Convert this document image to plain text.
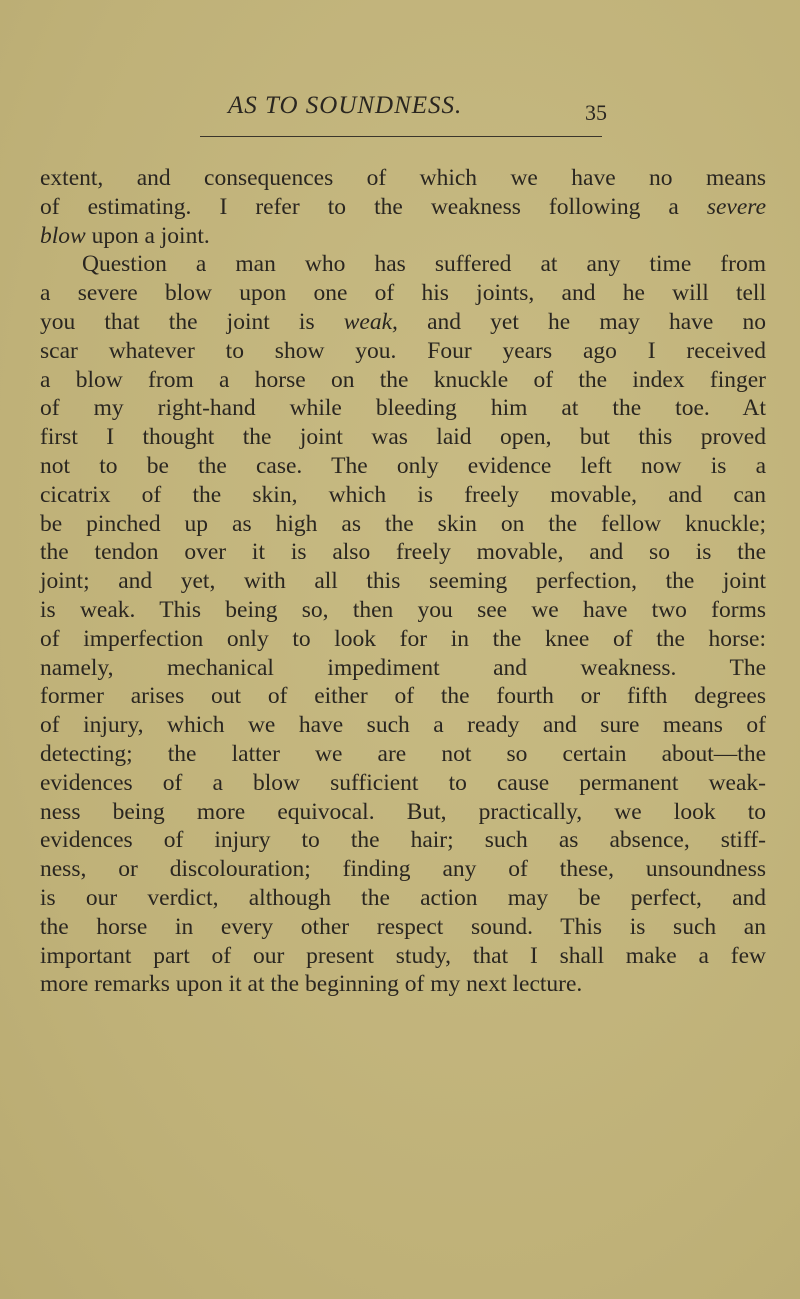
AS TO SOUNDNESS.	35
extent, and consequences of which we have no means
of estimating. I refer to the weakness following a severe
blow upon a joint.
Question a man who has suffered at any time from
a severe blow upon one of his joints, and he will tell
you that the joint is weak, and yet he may have no
scar whatever to show you. Four years ago I received
a blow from a horse on the knuckle of the index finger
of my right-hand while bleeding him at the toe. At
first I thought the joint was laid open, but this proved
not to be the case. The only evidence left now is a
cicatrix of the skin, which is freely movable, and can
be pinched up as high as the skin on the fellow knuckle;
the tendon over it is also freely movable, and so is the
joint; and yet, with all this seeming perfection, the joint
is weak. This being so, then you see we have two forms
of imperfection only to look for in the knee of the horse:
namely, mechanical impediment and weakness. The
former arises out of either of the fourth or fifth degrees
of injury, which we have such a ready and sure means of
detecting; the latter we are not so certain about—the
evidences of a blow sufficient to cause permanent weak-
ness being more equivocal. But, practically, we look to
evidences of injury to the hair; such as absence, stiff-
ness, or discolouration; finding any of these, unsoundness
is our verdict, although the action may be perfect, and
the horse in every other respect sound. This is such an
important part of our present study, that I shall make a few
more remarks upon it at the beginning of my next lecture.
